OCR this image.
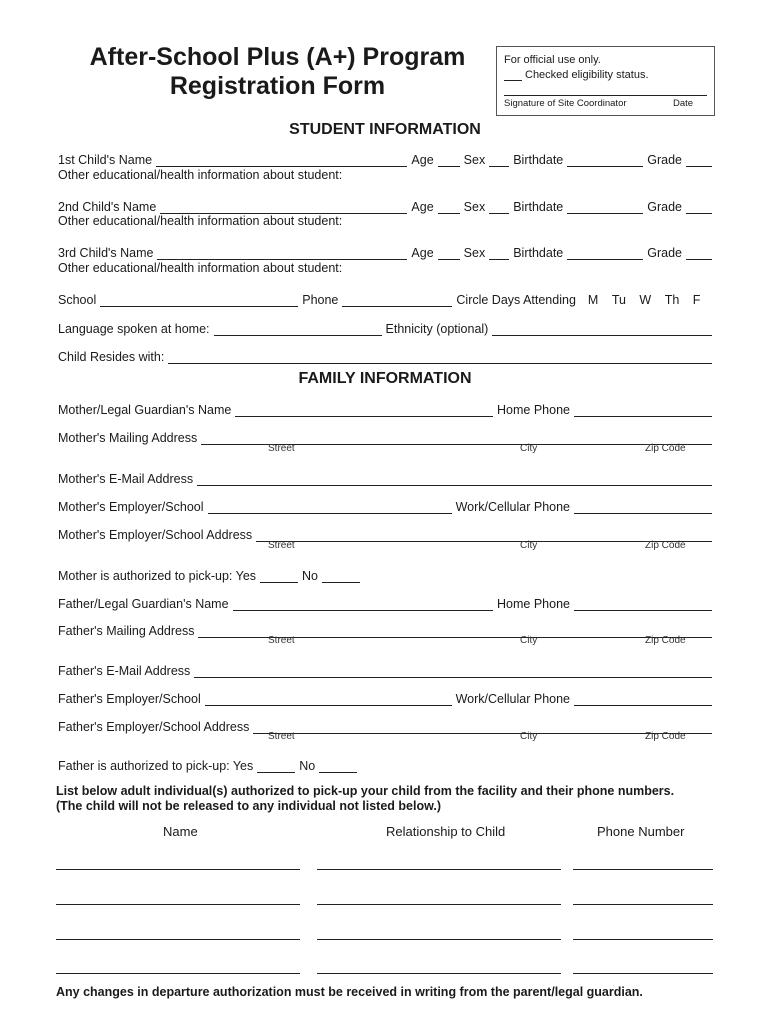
After-School Plus (A+) Program
Registration Form
For official use only.
Checked eligibility status.
Signature of Site Coordinator	Date
STUDENT INFORMATION
1st Child's Name	Age Sex Birthdate	Grade
Other educational/health information about student:
2nd Child's Name	Age Sex Birthdate	Grade
Other educational/health information about student:
3rd Child's Name	Age Sex Birthdate	Grade
Other educational/health information about student:
School	Phone	Circle Days Attending M Tu W Th F
Language spoken at home:	Ethnicity (optional)
Child Resides with:
FAMILY INFORMATION
Mother/Legal Guardian's Name	Home Phone
Mother's Mailing Address
Street	City	Zip Code
Mother's E-Mail Address
Mother's Employer/School	Work/Cellular Phone
Mother's Employer/School Address
Street	City	Zip Code
Mother is authorized to pick-up: Yes	No
Father/Legal Guardian's Name	Home Phone
Father's Mailing Address
Street	City	Zip Code
Father's E-Mail Address
Father's Employer/School	Work/Cellular Phone
Father's Employer/School Address
Street	City	Zip Code
Father is authorized to pick-up: Yes	No
List below adult individual(s) authorized to pick-up your child from the facility and their phone numbers.
(The child will not be released to any individual not listed below.)
Name	Relationship to Child	Phone Number
Any changes in departure authorization must be received in writing from the parent/legal guardian.
